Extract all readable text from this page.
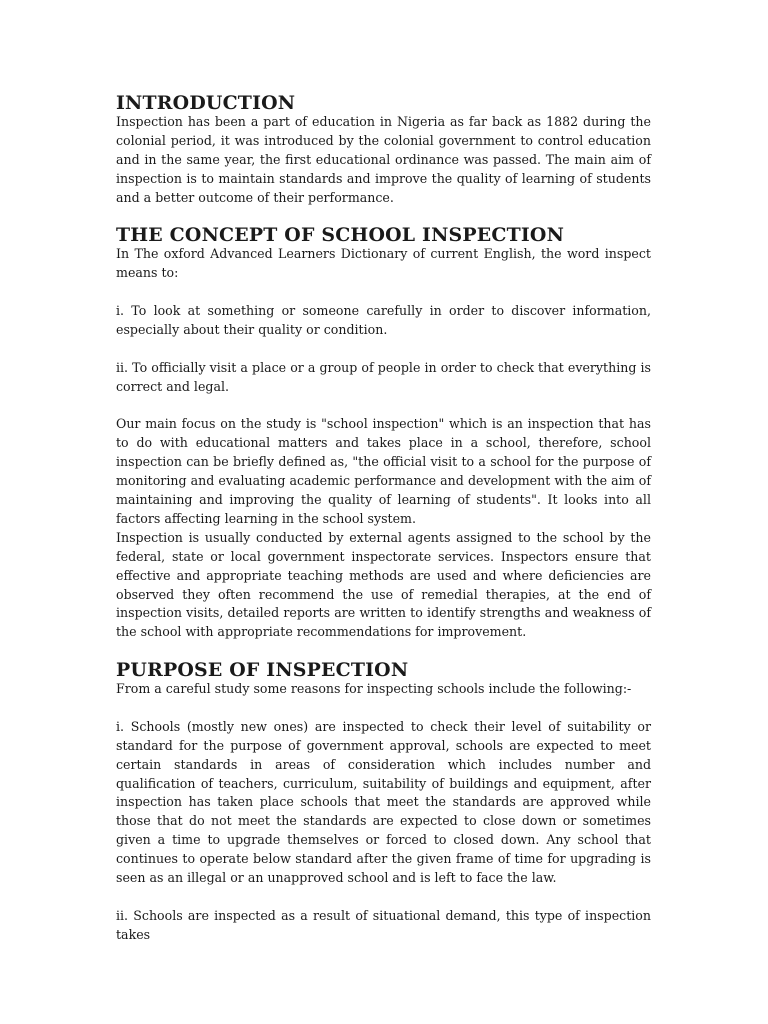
INTRODUCTION

Inspection has been a part of education in Nigeria as far back as 1882 during the colonial period, it was introduced by the colonial government to control education and in the same year, the first educational ordinance was passed. The main aim of inspection is to maintain standards and improve the quality of learning of students and a better outcome of their performance.

THE CONCEPT OF SCHOOL INSPECTION

In The oxford Advanced Learners Dictionary of current English, the word inspect means to:

i. To look at something or someone carefully in order to discover information, especially about their quality or condition.

ii. To officially visit a place or a group of people in order to check that everything is correct and legal.

Our main focus on the study is "school inspection" which is an inspection that has to do with educational matters and takes place in a school, therefore, school inspection can be briefly defined as, "the official visit to a school for the purpose of monitoring and evaluating academic performance and development with the aim of maintaining and improving the quality of learning of students". It looks into all factors affecting learning in the school system.

Inspection is usually conducted by external agents assigned to the school by the federal, state or local government inspectorate services. Inspectors ensure that effective and appropriate teaching methods are used and where deficiencies are observed they often recommend the use of remedial therapies, at the end of inspection visits, detailed reports are written to identify strengths and weakness of the school with appropriate recommendations for improvement.

PURPOSE OF INSPECTION

From a careful study some reasons for inspecting schools include the following:-

i. Schools (mostly new ones) are inspected to check their level of suitability or standard for the purpose of government approval, schools are expected to meet certain standards in areas of consideration which includes number and qualification of teachers, curriculum, suitability of buildings and equipment, after inspection has taken place schools that meet the standards are approved while those that do not meet the standards are expected to close down or sometimes given a time to upgrade themselves or forced to closed down. Any school that continues to operate below standard after the given frame of time for upgrading is seen as an illegal or an unapproved school and is left to face the law.

ii. Schools are inspected as a result of situational demand, this type of inspection takes
